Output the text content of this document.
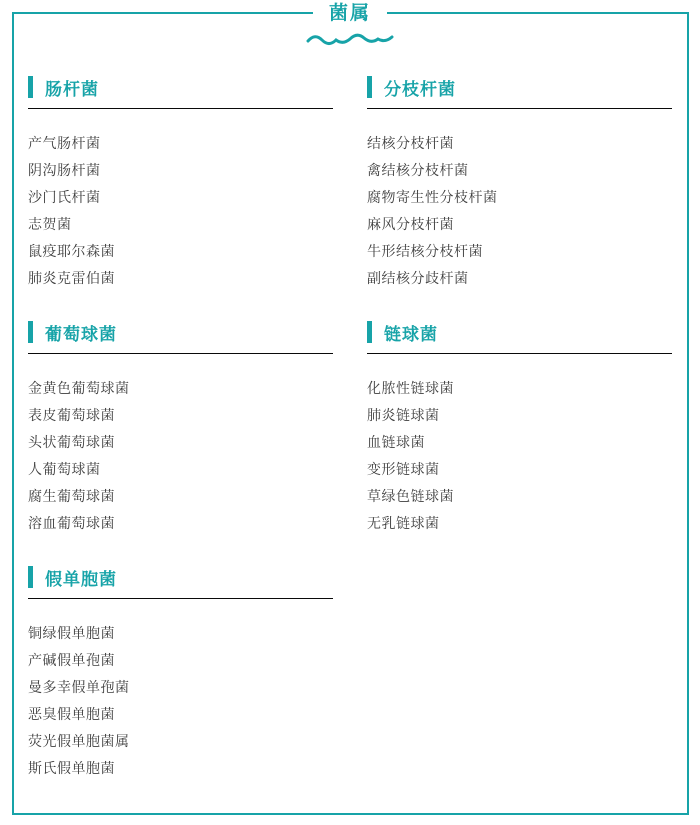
菌属
肠杆菌
产气肠杆菌
阴沟肠杆菌
沙门氏杆菌
志贺菌
鼠疫耶尔森菌
肺炎克雷伯菌
分枝杆菌
结核分枝杆菌
禽结核分枝杆菌
腐物寄生性分枝杆菌
麻风分枝杆菌
牛形结核分枝杆菌
副结核分歧杆菌
葡萄球菌
金黄色葡萄球菌
表皮葡萄球菌
头状葡萄球菌
人葡萄球菌
腐生葡萄球菌
溶血葡萄球菌
链球菌
化脓性链球菌
肺炎链球菌
血链球菌
变形链球菌
草绿色链球菌
无乳链球菌
假单胞菌
铜绿假单胞菌
产碱假单孢菌
曼多幸假单孢菌
恶臭假单胞菌
荧光假单胞菌属
斯氏假单胞菌
